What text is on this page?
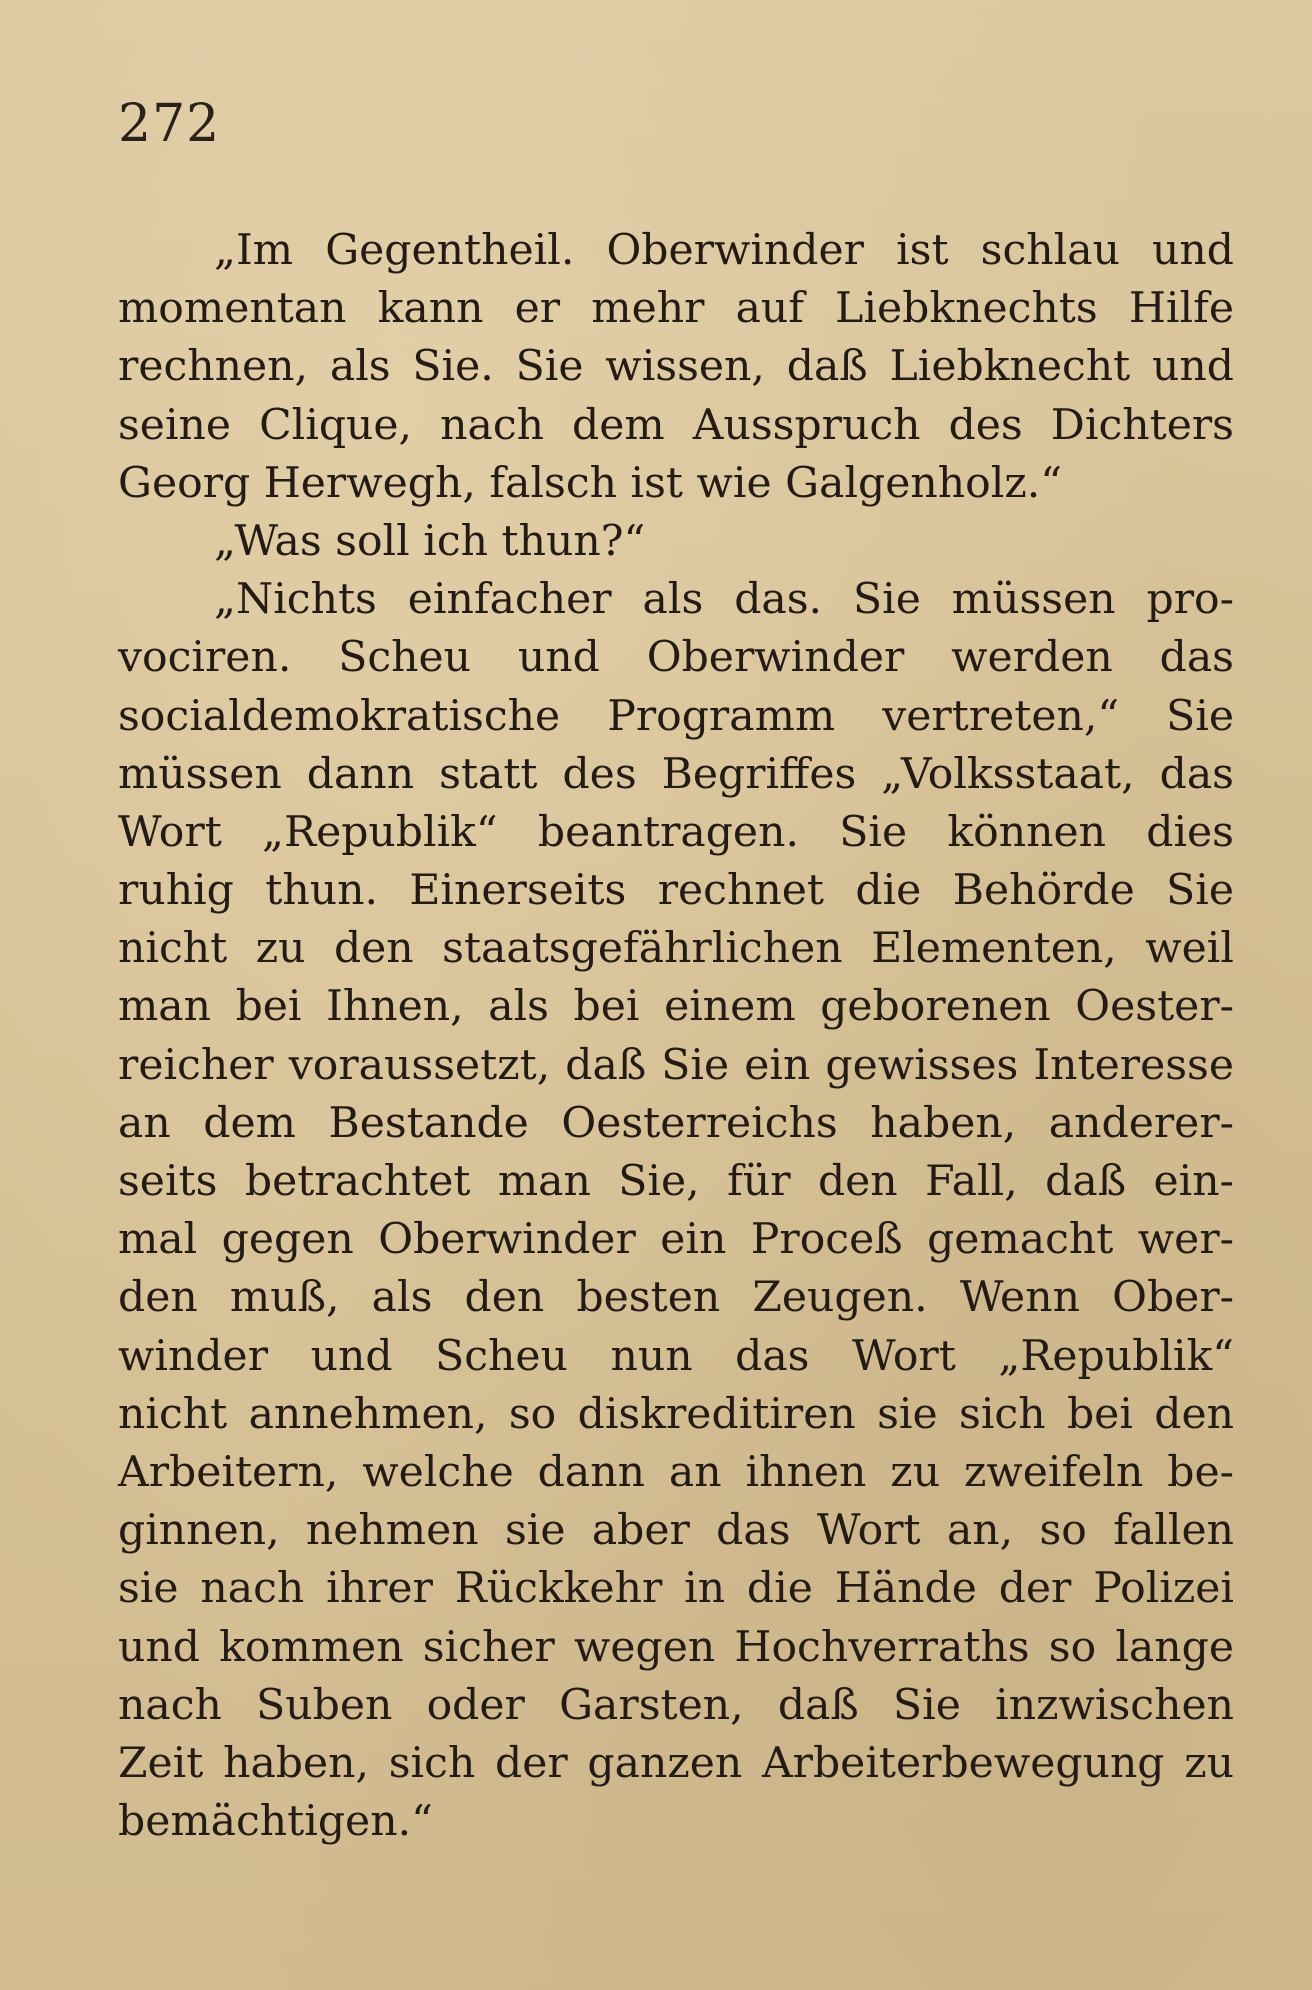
272
„Im Gegentheil. Oberwinder ist schlau und
momentan kann er mehr auf Liebknechts Hilfe
rechnen, als Sie. Sie wissen, daß Liebknecht und
seine Clique, nach dem Ausspruch des Dichters
Georg Herwegh, falsch ist wie Galgenholz.“
„Was soll ich thun?“
„Nichts einfacher als das. Sie müssen pro-
vociren. Scheu und Oberwinder werden das
socialdemokratische Programm vertreten,“ Sie
müssen dann statt des Begriffes „Volksstaat, das
Wort „Republik“ beantragen. Sie können dies
ruhig thun. Einerseits rechnet die Behörde Sie
nicht zu den staatsgefährlichen Elementen, weil
man bei Ihnen, als bei einem geborenen Oester-
reicher voraussetzt, daß Sie ein gewisses Interesse
an dem Bestande Oesterreichs haben, anderer-
seits betrachtet man Sie, für den Fall, daß ein-
mal gegen Oberwinder ein Proceß gemacht wer-
den muß, als den besten Zeugen. Wenn Ober-
winder und Scheu nun das Wort „Republik“
nicht annehmen, so diskreditiren sie sich bei den
Arbeitern, welche dann an ihnen zu zweifeln be-
ginnen, nehmen sie aber das Wort an, so fallen
sie nach ihrer Rückkehr in die Hände der Polizei
und kommen sicher wegen Hochverraths so lange
nach Suben oder Garsten, daß Sie inzwischen
Zeit haben, sich der ganzen Arbeiterbewegung zu
bemächtigen.“
